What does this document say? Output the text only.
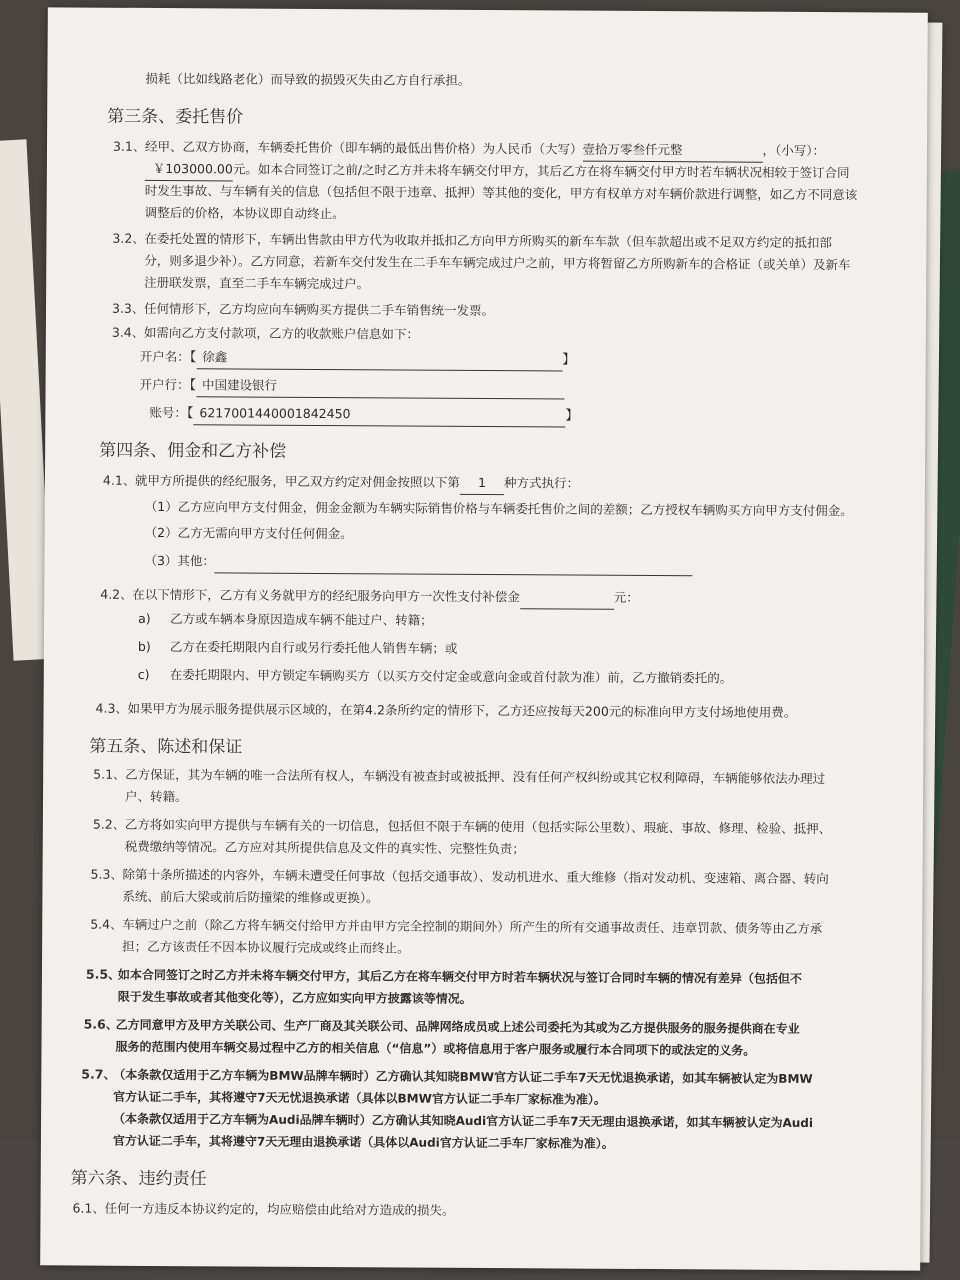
损耗（比如线路老化）而导致的损毁灭失由乙方自行承担。
第三条、委托售价
3.1、 经甲、乙双方协商，车辆委托售价（即车辆的最低出售价格）为人民币（大写）壹拾万零叁仟元整	，（小写）：
￥103000.00元。如本合同签订之前/之时乙方并未将车辆交付甲方，其后乙方在将车辆交付甲方时若车辆状况相较于签订合同
时发生事故、与车辆有关的信息（包括但不限于违章、抵押）等其他的变化，甲方有权单方对车辆价款进行调整，如乙方不同意该
调整后的价格，本协议即自动终止。
3.2、 在委托处置的情形下，车辆出售款由甲方代为收取并抵扣乙方向甲方所购买的新车车款（但车款超出或不足双方约定的抵扣部
分，则多退少补）。乙方同意，若新车交付发生在二手车车辆完成过户之前，甲方将暂留乙方所购新车的合格证（或关单）及新车
注册联发票，直至二手车车辆完成过户。
3.3、 任何情形下，乙方均应向车辆购买方提供二手车销售统一发票。
3.4、 如需向乙方支付款项，乙方的收款账户信息如下：
开户名：【 徐鑫	】
开户行：【 中国建设银行
账号：【 6217001440001842450	】
第四条、佣金和乙方补偿
4.1、 就甲方所提供的经纪服务，甲乙双方约定对佣金按照以下第 1 种方式执行：
（1）乙方应向甲方支付佣金，佣金金额为车辆实际销售价格与车辆委托售价之间的差额；乙方授权车辆购买方向甲方支付佣金。
（2）乙方无需向甲方支付任何佣金。
（3）其他：
4.2、 在以下情形下，乙方有义务就甲方的经纪服务向甲方一次性支付补偿金	元：
a) 乙方或车辆本身原因造成车辆不能过户、转籍；
b) 乙方在委托期限内自行或另行委托他人销售车辆；或
c) 在委托期限内、甲方锁定车辆购买方（以买方交付定金或意向金或首付款为准）前，乙方撤销委托的。
4.3、 如果甲方为展示服务提供展示区域的，在第4.2条所约定的情形下，乙方还应按每天200元的标准向甲方支付场地使用费。
第五条、陈述和保证
5.1、 乙方保证，其为车辆的唯一合法所有权人，车辆没有被查封或被抵押、没有任何产权纠纷或其它权利障碍，车辆能够依法办理过
户、转籍。
5.2、 乙方将如实向甲方提供与车辆有关的一切信息，包括但不限于车辆的使用（包括实际公里数）、瑕疵、事故、修理、检验、抵押、
税费缴纳等情况。乙方应对其所提供信息及文件的真实性、完整性负责；
5.3、 除第十条所描述的内容外，车辆未遭受任何事故（包括交通事故）、发动机进水、重大维修（指对发动机、变速箱、离合器、转向
系统、前后大梁或前后防撞梁的维修或更换）。
5.4、 车辆过户之前（除乙方将车辆交付给甲方并由甲方完全控制的期间外）所产生的所有交通事故责任、违章罚款、债务等由乙方承
担；乙方该责任不因本协议履行完成或终止而终止。
5.5、
如本合同签订之时乙方并未将车辆交付甲方，其后乙方在将车辆交付甲方时若车辆状况与签订合同时车辆的情况有差异（包括但不
限于发生事故或者其他变化等），乙方应如实向甲方披露该等情况。
5.6、
乙方同意甲方及甲方关联公司、生产厂商及其关联公司、品牌网络成员或上述公司委托为其或为乙方提供服务的服务提供商在专业
服务的范围内使用车辆交易过程中乙方的相关信息（“信息”）或将信息用于客户服务或履行本合同项下的或法定的义务。
5.7、
（本条款仅适用于乙方车辆为BMW品牌车辆时）乙方确认其知晓BMW官方认证二手车7天无忧退换承诺，如其车辆被认定为BMW
官方认证二手车，其将遵守7天无忧退换承诺（具体以BMW官方认证二手车厂家标准为准）。
（本条款仅适用于乙方车辆为Audi品牌车辆时）乙方确认其知晓Audi官方认证二手车7天无理由退换承诺，如其车辆被认定为Audi
官方认证二手车，其将遵守7天无理由退换承诺（具体以Audi官方认证二手车厂家标准为准）。
第六条、违约责任
6.1、 任何一方违反本协议约定的，均应赔偿由此给对方造成的损失。
